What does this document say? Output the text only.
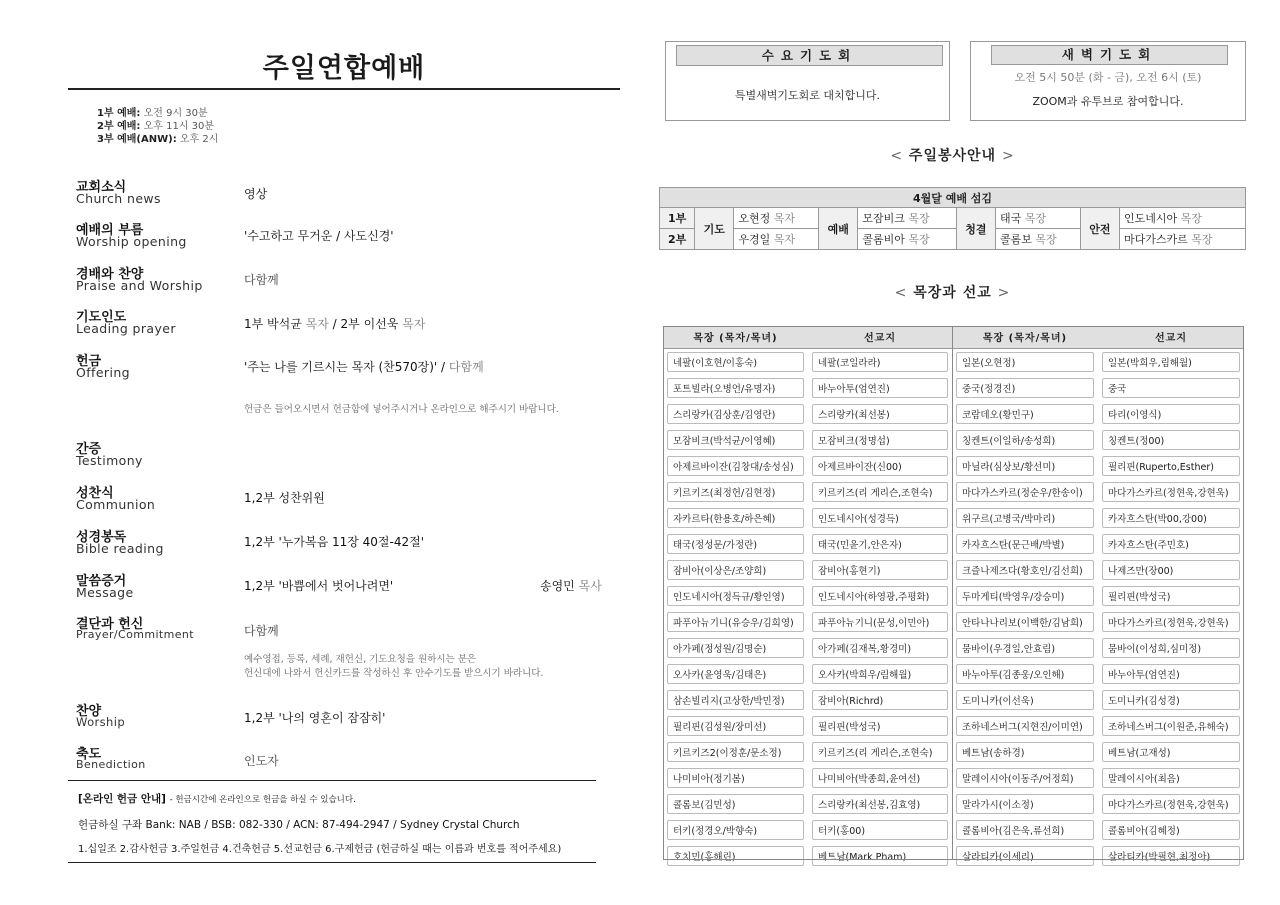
주일연합예배
1부 예배: 오전 9시 30분
2부 예배: 오후 11시 30분
3부 예배(ANW): 오후 2시
교회소식
Church news	영상
예배의 부름
Worship opening	'수고하고 무거운 / 사도신경'
경배와 찬양
Praise and Worship	다함께
기도인도
Leading prayer	1부 박석균 목자 / 2부 이선욱 목자
헌금
Offering	'주는 나를 기르시는 목자 (찬570장)' / 다함께
헌금은 들어오시면서 헌금함에 넣어주시거나 온라인으로 해주시기 바랍니다.
간증
Testimony
성찬식
Communion	1,2부 성찬위원
성경봉독
Bible reading	1,2부 '누가복음 11장 40절-42절'
말씀증거
Message	1,2부 '바쁨에서 벗어나려면'	송영민 목사
결단과 헌신
Prayer/Commitment	다함께
예수영접, 등록, 세례, 재헌신, 기도요청을 원하시는 분은
헌신대에 나와서 헌신카드를 작성하신 후 안수기도를 받으시기 바라니다.
찬양
Worship	1,2부 '나의 영혼이 잠잠히'
축도
Benediction	인도자
[온라인 헌금 안내] - 헌금시간에 온라인으로 헌금을 하실 수 있습니다.
헌금하실 구좌 Bank: NAB / BSB: 082-330 / ACN: 87-494-2947 / Sydney Crystal Church
1.십일조 2.감사헌금 3.주일헌금 4.건축헌금 5.선교헌금 6.구제헌금 (헌금하실 때는 이름과 번호를 적어주세요)
수요기도회
특별새벽기도회로 대치합니다.
새벽기도회
오전 5시 50분 (화 - 금), 오전 6시 (토)
ZOOM과 유투브로 참여합니다.
< 주일봉사안내 >
4월달 예배 섬김								
1부	기도	오현정 목자	예배	모잠비크 목장	청결	태국 목장	안전	인도네시아 목장
2부		우경일 목자		콜롬비아 목장		콜롬보 목장		마다가스카르 목장
< 목장과 선교 >
목장 (목자/목녀)	선교지	목장 (목자/목녀)	선교지
네팔(이호현/이홍숙)	네팔(코일라라)	일본(오현정)	일본(박희우,림해월)
포트빌라(오병언/유명자)	바누아투(엄연진)	중국(정경진)	중국
스리랑카(김상훈/김영란)	스리랑카(최선봉)	코람데오(황민구)	타리(이영식)
모잠비크(박석균/이영혜)	모잠비크(정명섭)	칭켄트(이일하/송성희)	칭켄트(정00)
아제르바이잔(김창대/송성심)	아제르바이잔(신00)	마닐라(심상보/황선미)	필리핀(Ruperto,Esther)
키르키즈(최정헌/김현정)	키르키즈(리 게리슨,조현숙)	마다가스카르(정순우/한송이)	마다가스카르(정현욱,강현욱)
자카르타(한용호/하은혜)	인도네시아(성경득)	위구르(고병국/박마리)	카자흐스탄(박00,강00)
태국(정성문/가정란)	태국(민윤기,안은자)	카자흐스탄(문근배/박별)	카자흐스탄(주민호)
잠비아(이상은/조양희)	잠비아(홍현기)	크즐나제즈다(황호인/김선희)	나제즈만(장00)
인도네시아(정득규/황인영)	인도네시아(하영광,주평화)	두마게티(박영우/강승미)	필리핀(박성국)
파푸아뉴기니(유승우/김희영)	파푸아뉴기니(문성,이민아)	안타나나리보(이백한/김남희)	마다가스카르(정현욱,강현욱)
아가페(정성원/김명순)	아가페(김재복,황경미)	뭄바이(우경일,안효림)	뭄바이(이성희,심미정)
오사카(윤영욱/김태은)	오사카(박희우/림해월)	바누아투(김종웅/오인해)	바누아투(엄연진)
삼손빌리지(고상한/박민정)	잠비아(Richrd)	도미니카(이선욱)	도미니카(김성경)
필리핀(김성원/장미선)	필리핀(박성국)	조하네스버그(지현진/이미연)	조하네스버그(이원준,유해숙)
키르키즈2(이정훈/문소정)	키르키즈(리 게리슨,조현숙)	베트남(송하경)	베트남(고재성)
나미비아(정기봄)	나미비아(박종희,윤여선)	말레이시아(이동주/어정희)	말레이시아(최음)
콜롬보(김민성)	스리랑카(최선봉,김효영)	말라가시(이소정)	마다가스카르(정현욱,강현욱)
터키(정경오/박향숙)	터키(홍00)	콜롬비아(김은욱,류선희)	콜롬비아(김혜정)
호치민(홍해린)	베트남(Mark Pham)	살라티카(이세리)	살라티카(박필현,최정아)
